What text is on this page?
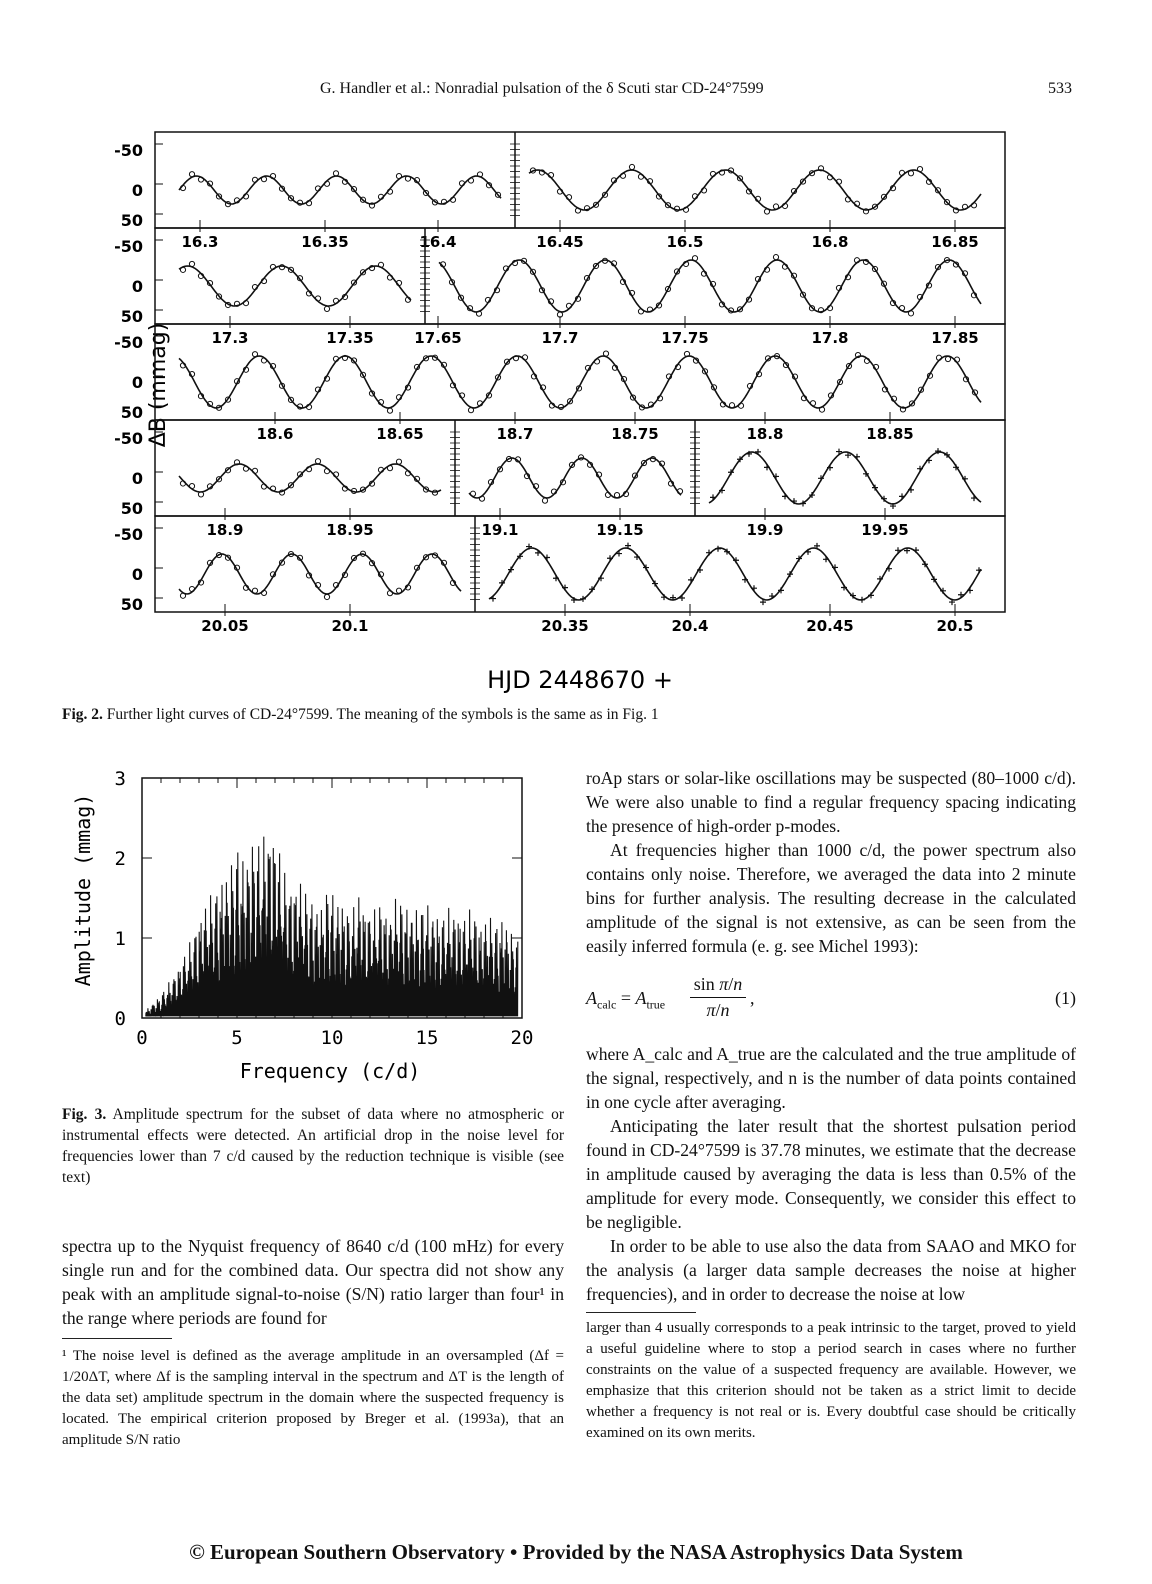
G. Handler et al.: Nonradial pulsation of the δ Scuti star CD-24°7599	533
ΔB (mmag)
HJD 2448670 +
-50
0
50
16.3	16.35	16.4	16.45	16.5	16.8	16.85
-50
0
50
17.3	17.35	17.65	17.7	17.75	17.8	17.85
-50
0
50
18.6	18.65	18.7	18.75	18.8	18.85
-50
0
50
18.9	18.95	19.1	19.15	19.9	19.95
-50
0
50
20.05	20.1	20.35	20.4	20.45	20.5
Fig. 2. Further light curves of CD-24°7599. The meaning of the symbols is the same as in Fig. 1
Amplitude (mmag)
Frequency (c/d)
0	5	10	15	20
0
1
2
3
Fig. 3. Amplitude spectrum for the subset of data where no atmospheric or instrumental effects were detected. An artificial drop in the noise level for frequencies lower than 7 c/d caused by the reduction technique is visible (see text)

spectra up to the Nyquist frequency of 8640 c/d (100 mHz) for every single run and for the combined data. Our spectra did not show any peak with an amplitude signal-to-noise (S/N) ratio larger than four¹ in the range where periods are found for

¹ The noise level is defined as the average amplitude in an oversampled (Δf = 1/20ΔT, where Δf is the sampling interval in the spectrum and ΔT is the length of the data set) amplitude spectrum in the domain where the suspected frequency is located. The empirical criterion proposed by Breger et al. (1993a), that an amplitude S/N ratio

roAp stars or solar-like oscillations may be suspected (80–1000 c/d). We were also unable to find a regular frequency spacing indicating the presence of high-order p-modes.

At frequencies higher than 1000 c/d, the power spectrum also contains only noise. Therefore, we averaged the data into 2 minute bins for further analysis. The resulting decrease in the calculated amplitude of the signal is not extensive, as can be seen from the easily inferred formula (e. g. see Michel 1993):

$A_{calc} = A_{true}$
sin π/n
π/n
,	(1)

where A_calc and A_true are the calculated and the true amplitude of the signal, respectively, and n is the number of data points contained in one cycle after averaging.

Anticipating the later result that the shortest pulsation period found in CD-24°7599 is 37.78 minutes, we estimate that the decrease in amplitude caused by averaging the data is less than 0.5% of the amplitude for every mode. Consequently, we consider this effect to be negligible.

In order to be able to use also the data from SAAO and MKO for the analysis (a larger data sample decreases the noise at higher frequencies), and in order to decrease the noise at low

larger than 4 usually corresponds to a peak intrinsic to the target, proved to yield a useful guideline where to stop a period search in cases where no further constraints on the value of a suspected frequency are available. However, we emphasize that this criterion should not be taken as a strict limit to decide whether a frequency is not real or is. Every doubtful case should be critically examined on its own merits.
© European Southern Observatory • Provided by the NASA Astrophysics Data System
